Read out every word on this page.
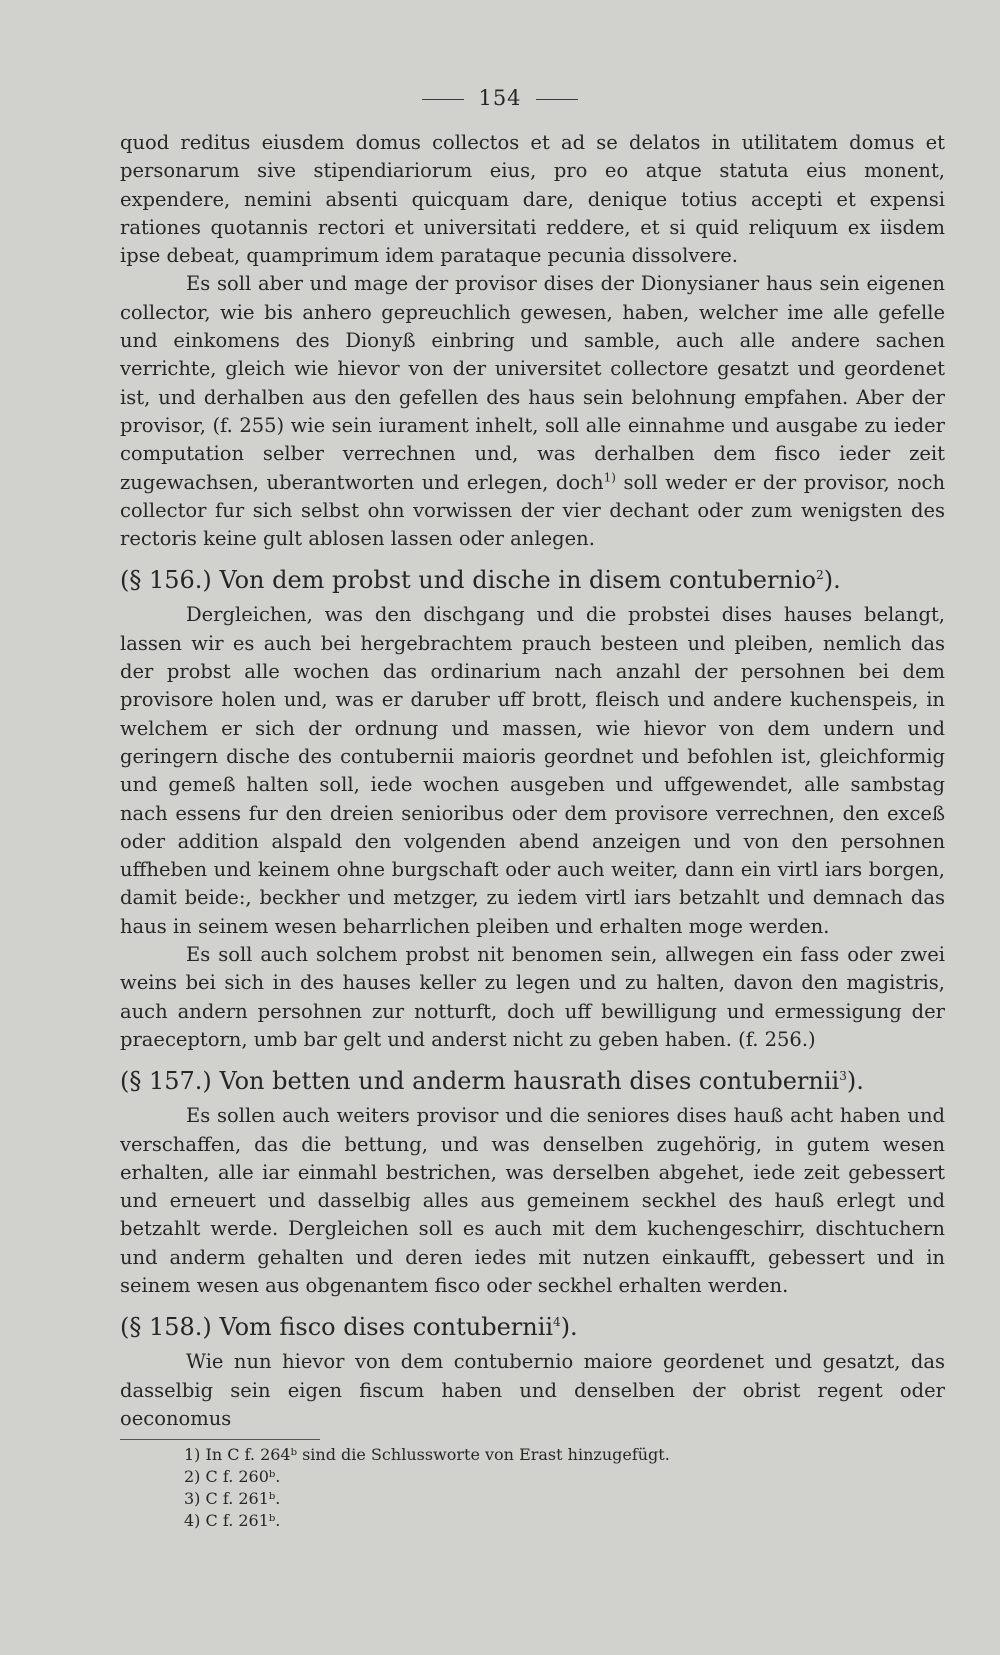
154

quod reditus eiusdem domus collectos et ad se delatos in utilitatem domus et personarum sive stipendiariorum eius, pro eo atque statuta eius monent, expendere, nemini absenti quicquam dare, denique totius accepti et expensi rationes quotannis rectori et universitati reddere, et si quid reliquum ex iisdem ipse debeat, quamprimum idem parataque pecunia dissolvere.

Es soll aber und mage der provisor dises der Dionysianer haus sein eigenen collector, wie bis anhero gepreuchlich gewesen, haben, welcher ime alle gefelle und einkomens des Dionyß einbring und samble, auch alle andere sachen verrichte, gleich wie hievor von der universitet collectore gesatzt und geordenet ist, und derhalben aus den gefellen des haus sein belohnung empfahen. Aber der provisor, (f. 255) wie sein iurament inhelt, soll alle einnahme und ausgabe zu ieder computation selber verrechnen und, was derhalben dem fisco ieder zeit zugewachsen, uberantworten und erlegen, doch$^{1)}$ soll weder er der provisor, noch collector fur sich selbst ohn vorwissen der vier dechant oder zum wenigsten des rectoris keine gult ablosen lassen oder anlegen.

(§ 156.) Von dem probst und dische in disem contubernio$^2$).

Dergleichen, was den dischgang und die probstei dises hauses belangt, lassen wir es auch bei hergebrachtem prauch besteen und pleiben, nemlich das der probst alle wochen das ordinarium nach anzahl der persohnen bei dem provisore holen und, was er daruber uff brott, fleisch und andere kuchenspeis, in welchem er sich der ordnung und massen, wie hievor von dem undern und geringern dische des contubernii maioris geordnet und befohlen ist, gleichformig und gemeß halten soll, iede wochen ausgeben und uffgewendet, alle sambstag nach essens fur den dreien senioribus oder dem provisore verrechnen, den exceß oder addition alspald den volgenden abend anzeigen und von den persohnen uffheben und keinem ohne burgschaft oder auch weiter, dann ein virtl iars borgen, damit beide:, beckher und metzger, zu iedem virtl iars betzahlt und demnach das haus in seinem wesen beharrlichen pleiben und erhalten moge werden.

Es soll auch solchem probst nit benomen sein, allwegen ein fass oder zwei weins bei sich in des hauses keller zu legen und zu halten, davon den magistris, auch andern persohnen zur notturft, doch uff bewilligung und ermessigung der praeceptorn, umb bar gelt und anderst nicht zu geben haben. (f. 256.)

(§ 157.) Von betten und anderm hausrath dises contubernii$^3$).

Es sollen auch weiters provisor und die seniores dises hauß acht haben und verschaffen, das die bettung, und was denselben zugehörig, in gutem wesen erhalten, alle iar einmahl bestrichen, was derselben abgehet, iede zeit gebessert und erneuert und dasselbig alles aus gemeinem seckhel des hauß erlegt und betzahlt werde. Dergleichen soll es auch mit dem kuchengeschirr, dischtuchern und anderm gehalten und deren iedes mit nutzen einkaufft, gebessert und in seinem wesen aus obgenantem fisco oder seckhel erhalten werden.

(§ 158.) Vom fisco dises contubernii$^4$).

Wie nun hievor von dem contubernio maiore geordenet und gesatzt, das dasselbig sein eigen fiscum haben und denselben der obrist regent oder oeconomus

1) In C f. 264ᵇ sind die Schlussworte von Erast hinzugefügt.

2) C f. 260ᵇ.

3) C f. 261ᵇ.

4) C f. 261ᵇ.
